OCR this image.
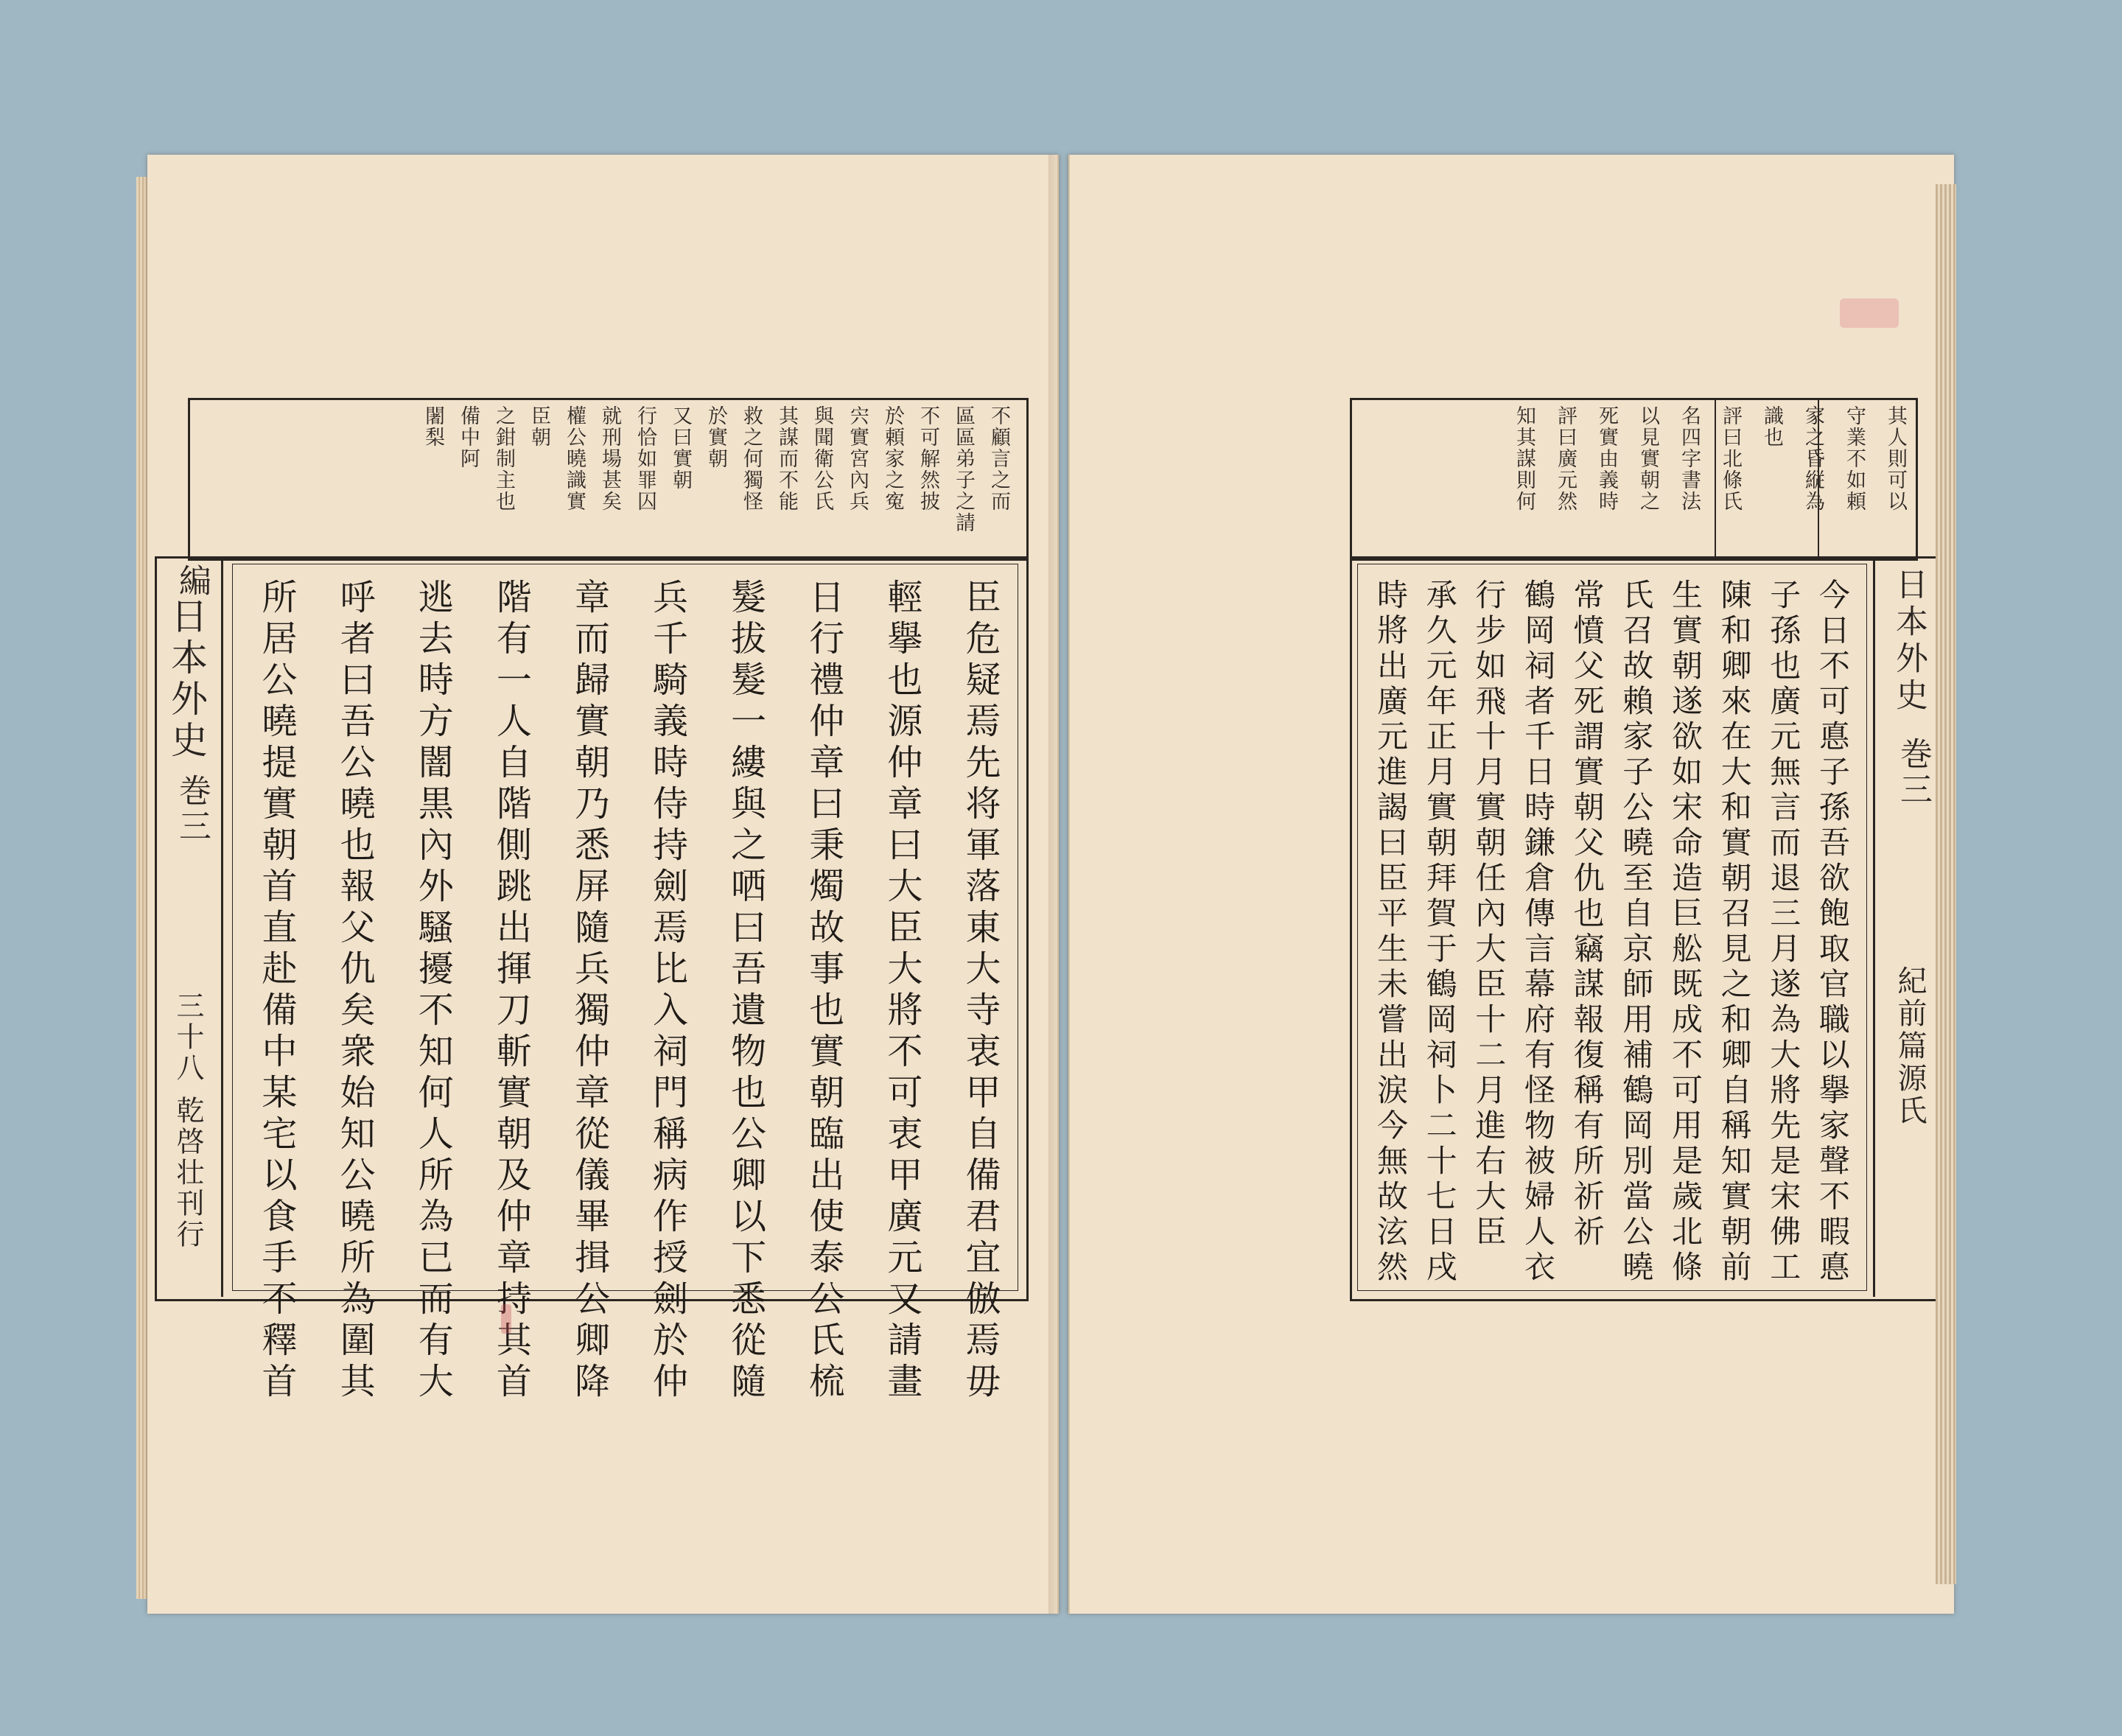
不顧言之而
區區弟子之請
不可解然披
於頼家之寃
宍實宮內兵
與聞衛公氏
其謀而不能
救之何獨怪
於實朝
又曰實朝
行恰如罪囚
就刑場甚矣
權公曉識實
臣朝
之鉗制主也
備中阿
闍梨
編
日本外史
巻三
三十八 乾啓壮刊行	臣危疑焉先将軍落東大寺衷甲自備君宜倣焉毋
輕擧也源仲章曰大臣大將不可衷甲廣元又請畫
日行禮仲章曰秉燭故事也實朝臨出使泰公氏梳
髮拔髮一縷與之哂曰吾遺物也公卿以下悉從隨
兵千騎義時侍持劍焉比入祠門稱病作授劍於仲
章而歸實朝乃悉屏隨兵獨仲章從儀畢揖公卿降
階有一人自階側跳出揮刀斬實朝及仲章持其首
逃去時方闇黒內外騷擾不知何人所為已而有大
呼者曰吾公曉也報父仇矣衆始知公曉所為圍其
所居公曉提實朝首直赴備中某宅以食手不釋首
其人則可以
守業不如頼
家之昏縦為
識也
評曰北條氏
名四字書法
以見實朝之
死實由義時
評曰廣元然
知其謀則何
日本外史
巻三
紀前篇源氏
今日不可悳子孫吾欲飽取官職以擧家聲不暇悳
子孫也廣元無言而退三月遂為大將先是宋佛工
陳和卿來在大和實朝召見之和卿自稱知實朝前
生實朝遂欲如宋命造巨舩既成不可用是歲北條
氏召故賴家子公曉至自京師用補鶴岡別當公曉
常憤父死謂實朝父仇也竊謀報復稱有所祈祈
鶴岡祠者千日時鎌倉傳言幕府有怪物被婦人衣
行步如飛十月實朝任內大臣十二月進右大臣
承久元年正月實朝拜賀于鶴岡祠卜二十七日戌
時將出廣元進謁曰臣平生未嘗出涙今無故泫然
